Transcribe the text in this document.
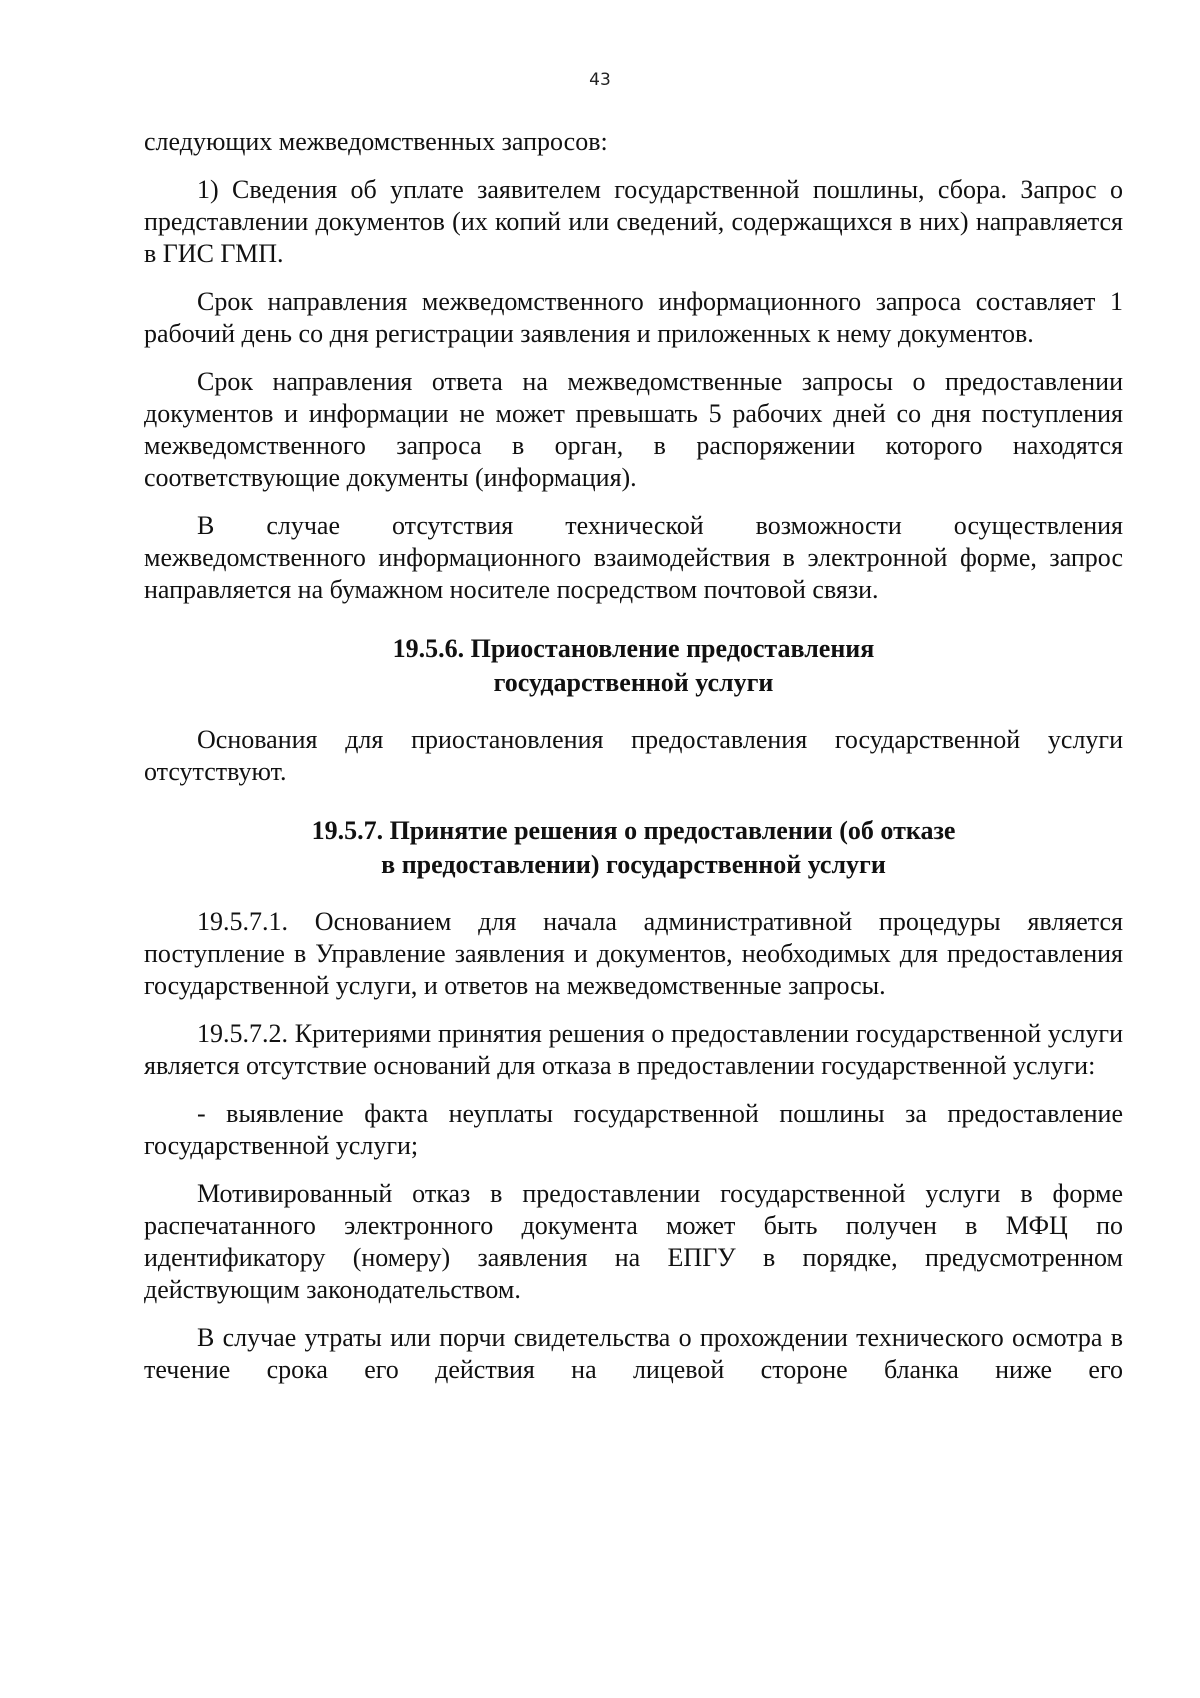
43

следующих межведомственных запросов:

1) Сведения об уплате заявителем государственной пошлины, сбора. Запрос о представлении документов (их копий или сведений, содержащихся в них) направляется в ГИС ГМП.

Срок направления межведомственного информационного запроса составляет 1 рабочий день со дня регистрации заявления и приложенных к нему документов.

Срок направления ответа на межведомственные запросы о предоставлении документов и информации не может превышать 5 рабочих дней со дня поступления межведомственного запроса в орган, в распоряжении которого находятся соответствующие документы (информация).

В случае отсутствия технической возможности осуществления межведомственного информационного взаимодействия в электронной форме, запрос направляется на бумажном носителе посредством почтовой связи.

19.5.6. Приостановление предоставления
государственной услуги

Основания для приостановления предоставления государственной услуги отсутствуют.

19.5.7. Принятие решения о предоставлении (об отказе
в предоставлении) государственной услуги

19.5.7.1. Основанием для начала административной процедуры является поступление в Управление заявления и документов, необходимых для предоставления государственной услуги, и ответов на межведомственные запросы.

19.5.7.2. Критериями принятия решения о предоставлении государственной услуги является отсутствие оснований для отказа в предоставлении государственной услуги:

- выявление факта неуплаты государственной пошлины за предоставление государственной услуги;

Мотивированный отказ в предоставлении государственной услуги в форме распечатанного электронного документа может быть получен в МФЦ по идентификатору (номеру) заявления на ЕПГУ в порядке, предусмотренном действующим законодательством.

В случае утраты или порчи свидетельства о прохождении технического осмотра в течение срока его действия на лицевой стороне бланка ниже его
